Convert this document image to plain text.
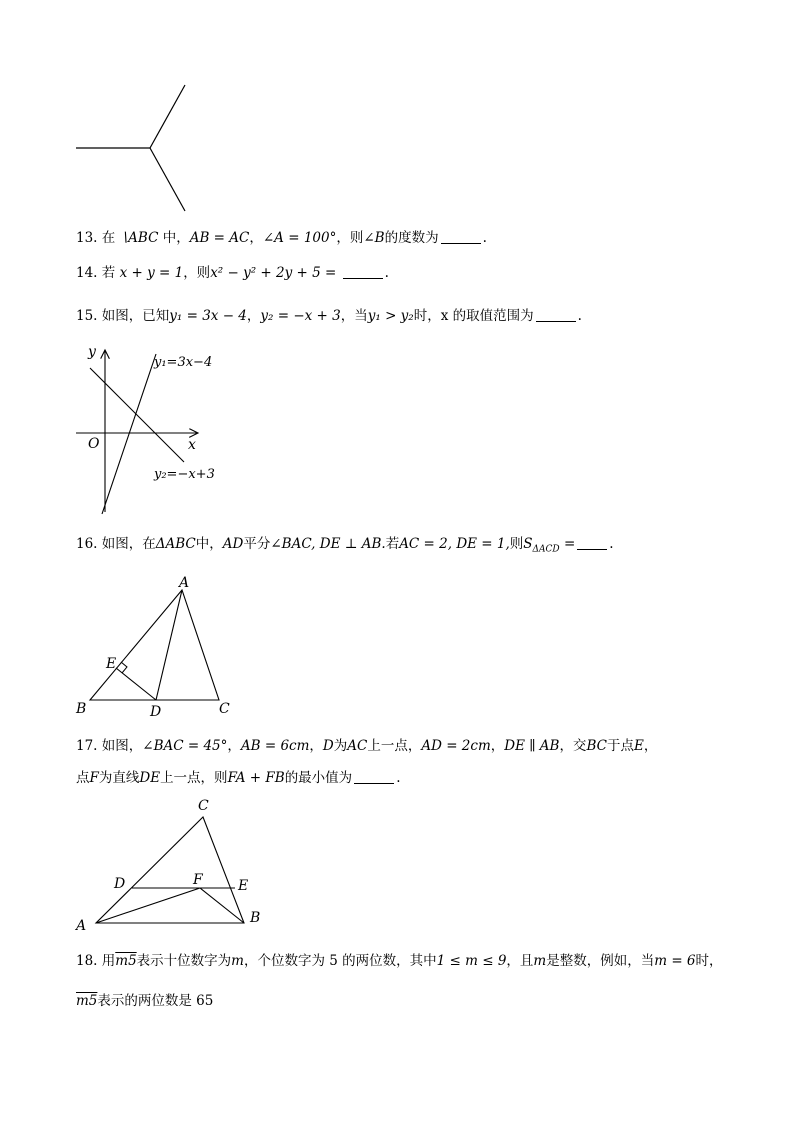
13. 在 ∖ABC 中，AB = AC，∠A = 100°，则∠B的度数为	.
14. 若 x + y = 1，则x² − y² + 2y + 5 =	.
15. 如图，已知y₁ = 3x − 4，y₂ = −x + 3，当y₁ > y₂时，x 的取值范围为	.
y
x
O
y₁=3x−4
y₂=−x+3
16. 如图，在ΔABC中，AD平分∠BAC, DE ⊥ AB.若AC = 2, DE = 1,则$S_{\Delta ACD}$ =	.
A
B	C
D
E
17. 如图，∠BAC = 45°，AB = 6cm，D为AC上一点，AD = 2cm，DE ∥ AB，交BC于点E，
点F为直线DE上一点，则FA + FB的最小值为	.
A	B
C
D	E
F
18. 用m5表示十位数字为m，个位数字为 5 的两位数，其中1 ≤ m ≤ 9，且m是整数，例如，当m = 6时，
m5表示的两位数是 65
